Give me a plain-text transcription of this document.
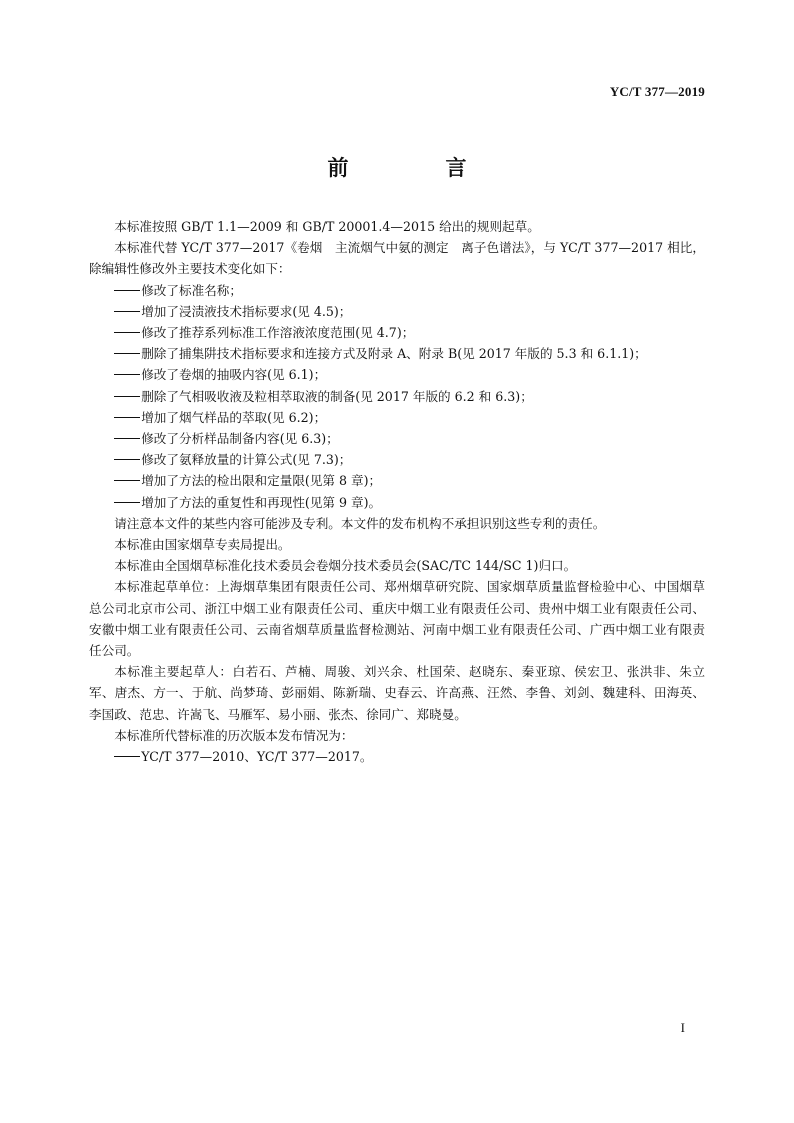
YC/T 377—2019
前　言

本标准按照 GB/T 1.1—2009 和 GB/T 20001.4—2015 给出的规则起草。

本标准代替 YC/T 377—2017《卷烟　主流烟气中氨的测定　离子色谱法》，与 YC/T 377—2017 相比，除编辑性修改外主要技术变化如下：

修改了标准名称；
增加了浸渍液技术指标要求(见 4.5)；
修改了推荐系列标准工作溶液浓度范围(见 4.7)；
删除了捕集阱技术指标要求和连接方式及附录 A、附录 B(见 2017 年版的 5.3 和 6.1.1)；
修改了卷烟的抽吸内容(见 6.1)；
删除了气相吸收液及粒相萃取液的制备(见 2017 年版的 6.2 和 6.3)；
增加了烟气样品的萃取(见 6.2)；
修改了分析样品制备内容(见 6.3)；
修改了氨释放量的计算公式(见 7.3)；
增加了方法的检出限和定量限(见第 8 章)；
增加了方法的重复性和再现性(见第 9 章)。

请注意本文件的某些内容可能涉及专利。本文件的发布机构不承担识别这些专利的责任。

本标准由国家烟草专卖局提出。

本标准由全国烟草标准化技术委员会卷烟分技术委员会(SAC/TC 144/SC 1)归口。

本标准起草单位：上海烟草集团有限责任公司、郑州烟草研究院、国家烟草质量监督检验中心、中国烟草总公司北京市公司、浙江中烟工业有限责任公司、重庆中烟工业有限责任公司、贵州中烟工业有限责任公司、安徽中烟工业有限责任公司、云南省烟草质量监督检测站、河南中烟工业有限责任公司、广西中烟工业有限责任公司。

本标准主要起草人：白若石、芦楠、周骏、刘兴余、杜国荣、赵晓东、秦亚琼、侯宏卫、张洪非、朱立军、唐杰、方一、于航、尚梦琦、彭丽娟、陈新瑞、史春云、许高燕、汪然、李鲁、刘剑、魏建科、田海英、李国政、范忠、许嵩飞、马雁军、易小丽、张杰、徐同广、郑晓曼。

本标准所代替标准的历次版本发布情况为：

YC/T 377—2010、YC/T 377—2017。
I
